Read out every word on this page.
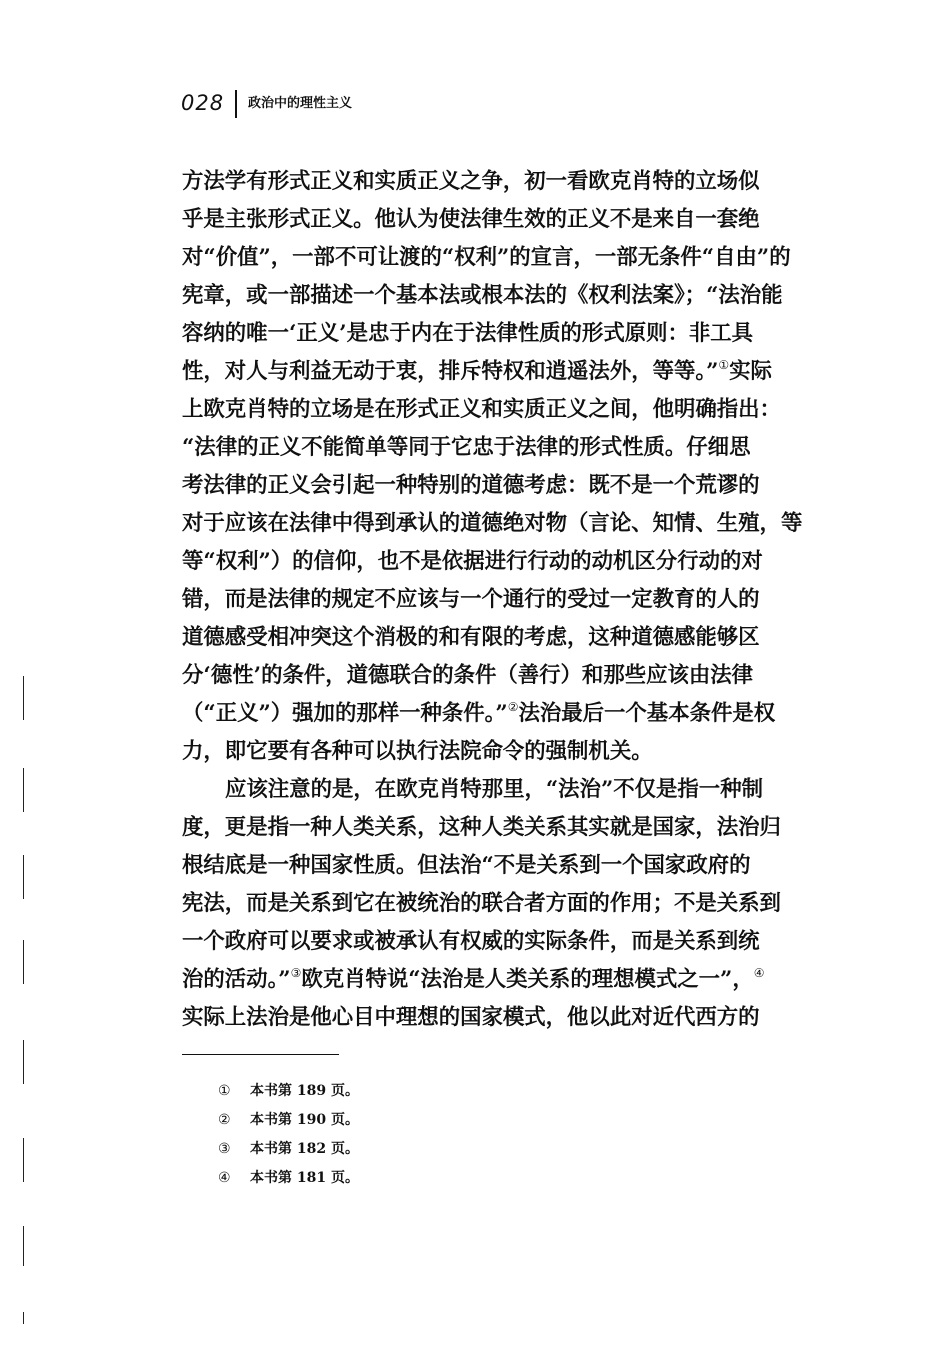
028 政治中的理性主义
方法学有形式正义和实质正义之争，初一看欧克肖特的立场似
乎是主张形式正义。他认为使法律生效的正义不是来自一套绝
对“价值”，一部不可让渡的“权利”的宣言，一部无条件“自由”的
宪章，或一部描述一个基本法或根本法的《权利法案》；“法治能
容纳的唯一‘正义’是忠于内在于法律性质的形式原则：非工具
性，对人与利益无动于衷，排斥特权和逍遥法外，等等。”①实际
上欧克肖特的立场是在形式正义和实质正义之间，他明确指出：
“法律的正义不能简单等同于它忠于法律的形式性质。仔细思
考法律的正义会引起一种特别的道德考虑：既不是一个荒谬的
对于应该在法律中得到承认的道德绝对物（言论、知情、生殖，等
等“权利”）的信仰，也不是依据进行行动的动机区分行动的对
错，而是法律的规定不应该与一个通行的受过一定教育的人的
道德感受相冲突这个消极的和有限的考虑，这种道德感能够区
分‘德性’的条件，道德联合的条件（善行）和那些应该由法律
（“正义”）强加的那样一种条件。”②法治最后一个基本条件是权
力，即它要有各种可以执行法院命令的强制机关。
应该注意的是，在欧克肖特那里，“法治”不仅是指一种制
度，更是指一种人类关系，这种人类关系其实就是国家，法治归
根结底是一种国家性质。但法治“不是关系到一个国家政府的
宪法，而是关系到它在被统治的联合者方面的作用；不是关系到
一个政府可以要求或被承认有权威的实际条件，而是关系到统
治的活动。”③欧克肖特说“法治是人类关系的理想模式之一”，④
实际上法治是他心目中理想的国家模式，他以此对近代西方的
① 本书第 189 页。
② 本书第 190 页。
③ 本书第 182 页。
④ 本书第 181 页。
